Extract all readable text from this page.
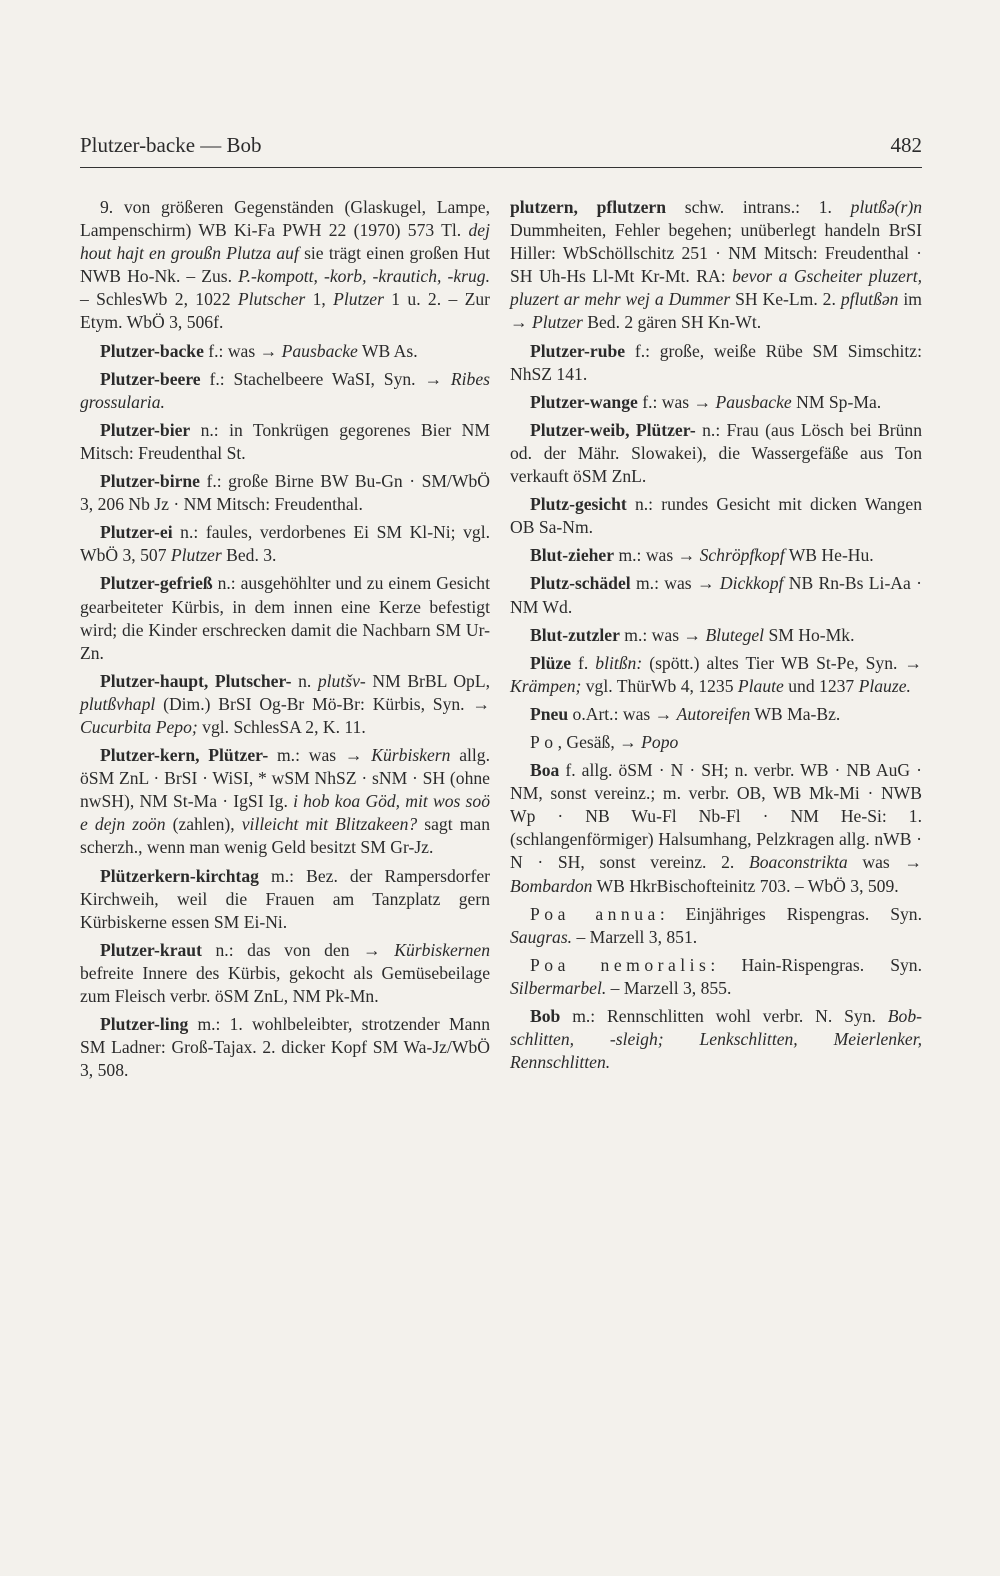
Plutzer-backe — Bob	482

9. von größeren Gegenständen (Glaskugel, Lampe, Lampenschirm) WB Ki-Fa PWH 22 (1970) 573 Tl. dej hout hajt en groußn Plutza auf sie trägt einen großen Hut NWB Ho-Nk. – Zus. P.-kompott, -korb, -krautich, -krug. – SchlesWb 2, 1022 Plutscher 1, Plutzer 1 u. 2. – Zur Etym. WbÖ 3, 506f.

Plutzer-backe f.: was → Pausbacke WB As.

Plutzer-beere f.: Stachelbeere WaSI, Syn. → Ribes grossularia.

Plutzer-bier n.: in Tonkrügen gegorenes Bier NM Mitsch: Freudenthal St.

Plutzer-birne f.: große Birne BW Bu-Gn · SM/WbÖ 3, 206 Nb Jz · NM Mitsch: Freudenthal.

Plutzer-ei n.: faules, verdorbenes Ei SM Kl-Ni; vgl. WbÖ 3, 507 Plutzer Bed. 3.

Plutzer-gefrieß n.: ausgehöhlter und zu einem Gesicht gearbeiteter Kürbis, in dem innen eine Kerze befestigt wird; die Kinder erschrecken damit die Nachbarn SM Ur-Zn.

Plutzer-haupt, Plutscher- n. plutšv- NM BrBL OpL, plutßvhapl (Dim.) BrSI Og-Br Mö-Br: Kürbis, Syn. → Cucurbita Pepo; vgl. SchlesSA 2, K. 11.

Plutzer-kern, Plützer- m.: was → Kürbiskern allg. öSM ZnL · BrSI · WiSI, * wSM NhSZ · sNM · SH (ohne nwSH), NM St-Ma · IgSI Ig. i hob koa Göd, mit wos soö e dejn zoön (zahlen), villeicht mit Blitzakeen? sagt man scherzh., wenn man wenig Geld besitzt SM Gr-Jz.

Plützerkern-kirchtag m.: Bez. der Rampersdorfer Kirchweih, weil die Frauen am Tanzplatz gern Kürbiskerne essen SM Ei-Ni.

Plutzer-kraut n.: das von den → Kürbiskernen befreite Innere des Kürbis, gekocht als Gemüsebeilage zum Fleisch verbr. öSM ZnL, NM Pk-Mn.

Plutzer-ling m.: 1. wohlbeleibter, strotzender Mann SM Ladner: Groß-Tajax. 2. dicker Kopf SM Wa-Jz/WbÖ 3, 508.

plutzern, pflutzern schw. intrans.: 1. plutßə(r)n Dummheiten, Fehler begehen; unüberlegt handeln BrSI Hiller: WbSchöllschitz 251 · NM Mitsch: Freudenthal · SH Uh-Hs Ll-Mt Kr-Mt. RA: bevor a Gscheiter pluzert, pluzert ar mehr wej a Dummer SH Ke-Lm. 2. pflutßən im → Plutzer Bed. 2 gären SH Kn-Wt.

Plutzer-rube f.: große, weiße Rübe SM Simschitz: NhSZ 141.

Plutzer-wange f.: was → Pausbacke NM Sp-Ma.

Plutzer-weib, Plützer- n.: Frau (aus Lösch bei Brünn od. der Mähr. Slowakei), die Wassergefäße aus Ton verkauft öSM ZnL.

Plutz-gesicht n.: rundes Gesicht mit dicken Wangen OB Sa-Nm.

Blut-zieher m.: was → Schröpfkopf WB He-Hu.

Plutz-schädel m.: was → Dickkopf NB Rn-Bs Li-Aa · NM Wd.

Blut-zutzler m.: was → Blutegel SM Ho-Mk.

Plüze f. blitßn: (spött.) altes Tier WB St-Pe, Syn. → Krämpen; vgl. ThürWb 4, 1235 Plaute und 1237 Plauze.

Pneu o.Art.: was → Autoreifen WB Ma-Bz.

Po, Gesäß, → Popo

Boa f. allg. öSM · N · SH; n. verbr. WB · NB AuG · NM, sonst vereinz.; m. verbr. OB, WB Mk-Mi · NWB Wp · NB Wu-Fl Nb-Fl · NM He-Si: 1. (schlangenförmiger) Halsumhang, Pelzkragen allg. nWB · N · SH, sonst vereinz. 2. Boaconstrikta was → Bombardon WB HkrBischofteinitz 703. – WbÖ 3, 509.

Poa annua: Einjähriges Rispengras. Syn. Saugras. – Marzell 3, 851.

Poa nemoralis: Hain-Rispengras. Syn. Silbermarbel. – Marzell 3, 855.

Bob m.: Rennschlitten wohl verbr. N. Syn. Bob-schlitten, -sleigh; Lenkschlitten, Meierlenker, Rennschlitten.
